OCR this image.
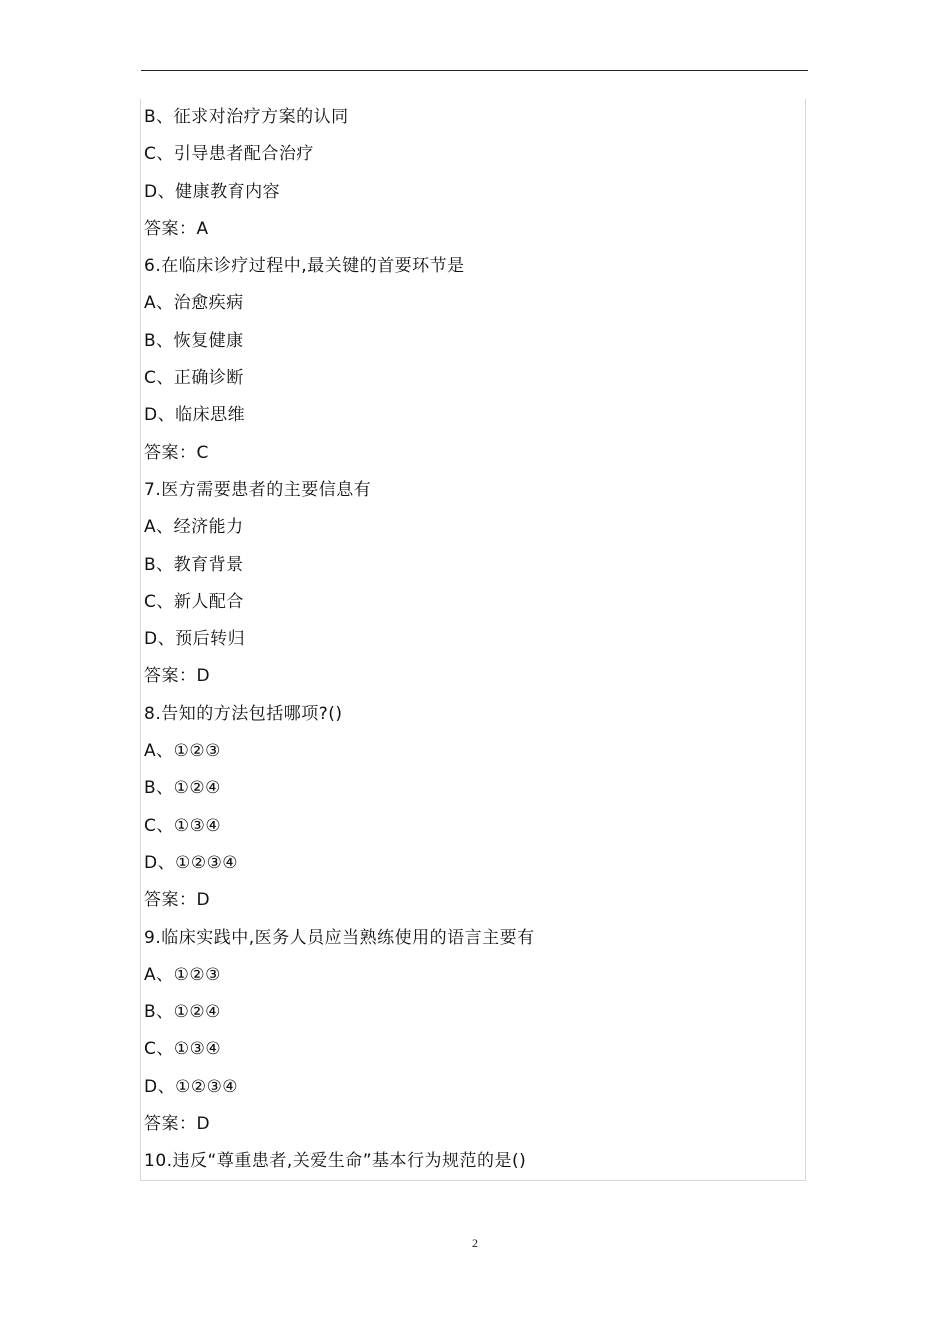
B、征求对治疗方案的认同
C、引导患者配合治疗
D、健康教育内容
答案：A
6.在临床诊疗过程中,最关键的首要环节是
A、治愈疾病
B、恢复健康
C、正确诊断
D、临床思维
答案：C
7.医方需要患者的主要信息有
A、经济能力
B、教育背景
C、新人配合
D、预后转归
答案：D
8.告知的方法包括哪项?()
A、①②③
B、①②④
C、①③④
D、①②③④
答案：D
9.临床实践中,医务人员应当熟练使用的语言主要有
A、①②③
B、①②④
C、①③④
D、①②③④
答案：D
10.违反“尊重患者,关爱生命”基本行为规范的是()
2
